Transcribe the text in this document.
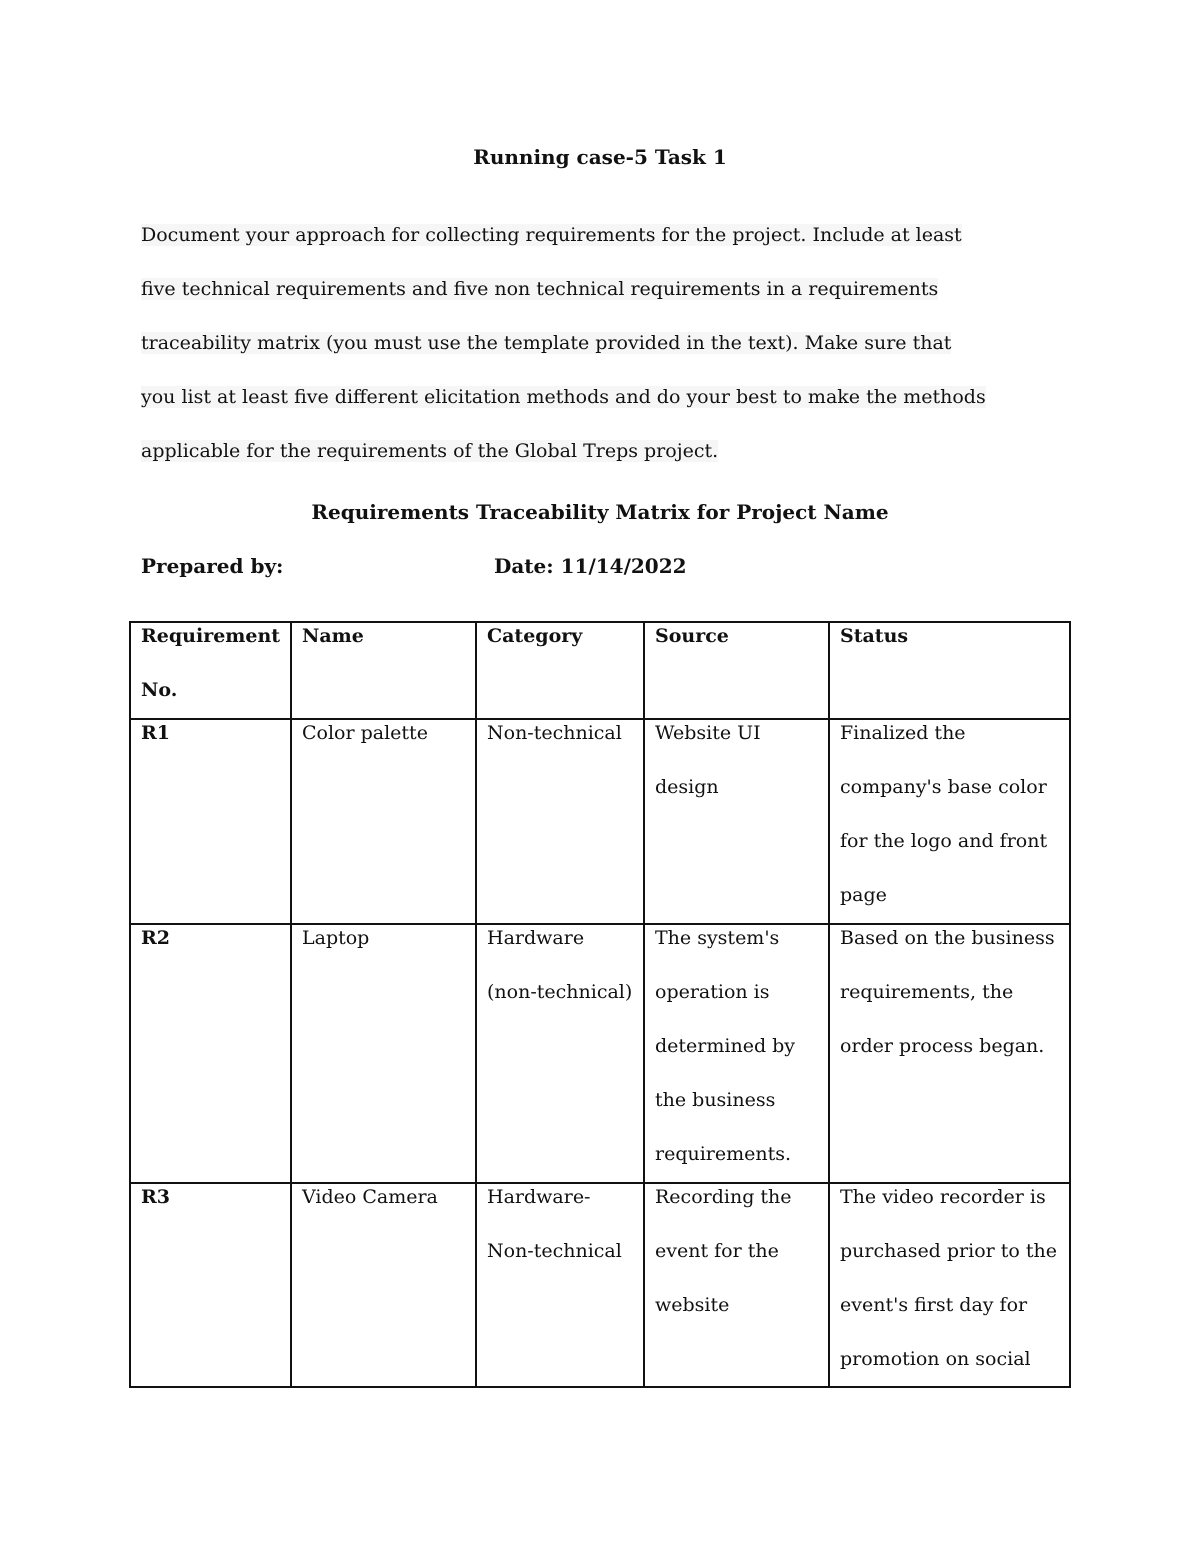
Running case-5 Task 1
Document your approach for collecting requirements for the project. Include at least
five technical requirements and five non technical requirements in a requirements
traceability matrix (you must use the template provided in the text). Make sure that
you list at least five different elicitation methods and do your best to make the methods
applicable for the requirements of the Global Treps project.
Requirements Traceability Matrix for Project Name
Prepared by:	Date: 11/14/2022
Requirement No.	Name	Category	Source	Status

R1	Color palette	Non-technical	Website UI design	Finalized the company's base color for the logo and front page

R2	Laptop	Hardware (non-technical)	The system's operation is determined by the business requirements.	Based on the business requirements, the order process began.

R3	Video Camera	Hardware-Non-technical	Recording the event for the website	The video recorder is purchased prior to the event's first day for promotion on social
